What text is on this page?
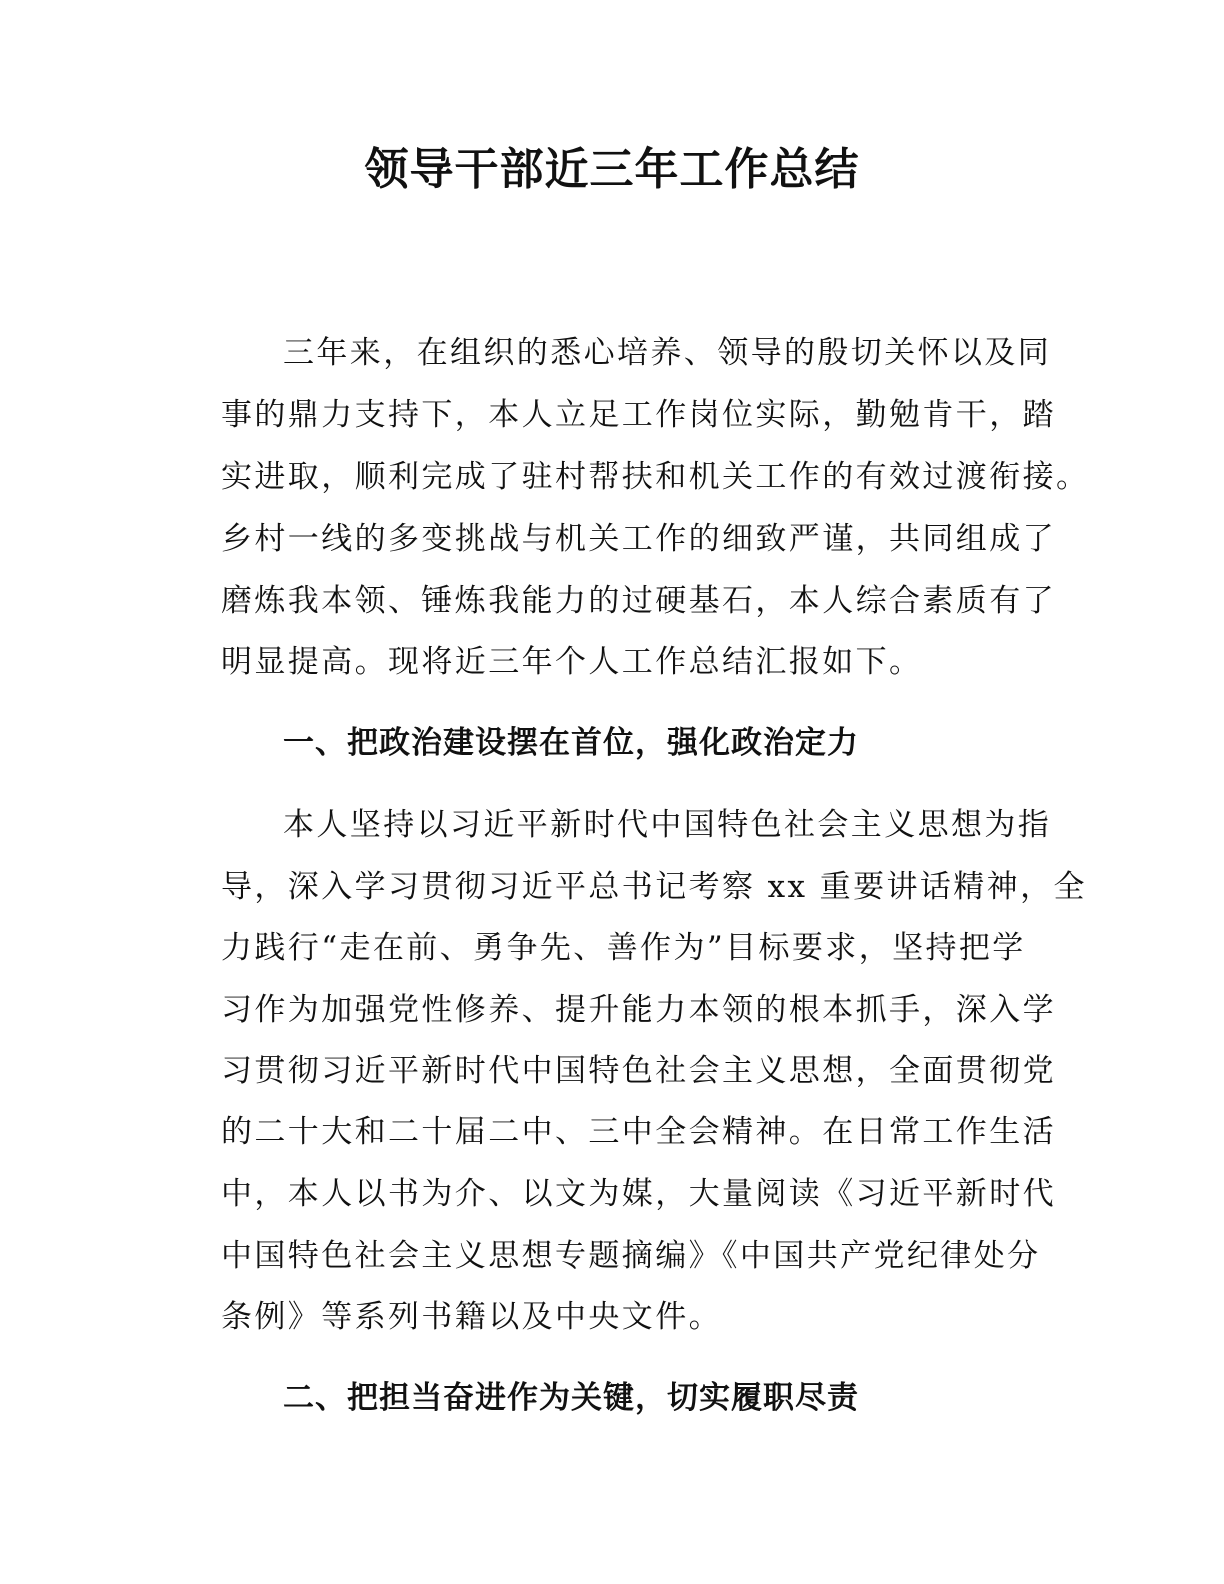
领导干部近三年工作总结

三年来，在组织的悉心培养、领导的殷切关怀以及同

事的鼎力支持下，本人立足工作岗位实际，勤勉肯干，踏

实进取，顺利完成了驻村帮扶和机关工作的有效过渡衔接。

乡村一线的多变挑战与机关工作的细致严谨，共同组成了

磨炼我本领、锤炼我能力的过硬基石，本人综合素质有了

明显提高。现将近三年个人工作总结汇报如下。

一、把政治建设摆在首位，强化政治定力

本人坚持以习近平新时代中国特色社会主义思想为指

导，深入学习贯彻习近平总书记考察 xx 重要讲话精神，全

力践行“走在前、勇争先、善作为”目标要求，坚持把学

习作为加强党性修养、提升能力本领的根本抓手，深入学

习贯彻习近平新时代中国特色社会主义思想，全面贯彻党

的二十大和二十届二中、三中全会精神。在日常工作生活

中，本人以书为介、以文为媒，大量阅读《习近平新时代

中国特色社会主义思想专题摘编》《中国共产党纪律处分

条例》等系列书籍以及中央文件。

二、把担当奋进作为关键，切实履职尽责
